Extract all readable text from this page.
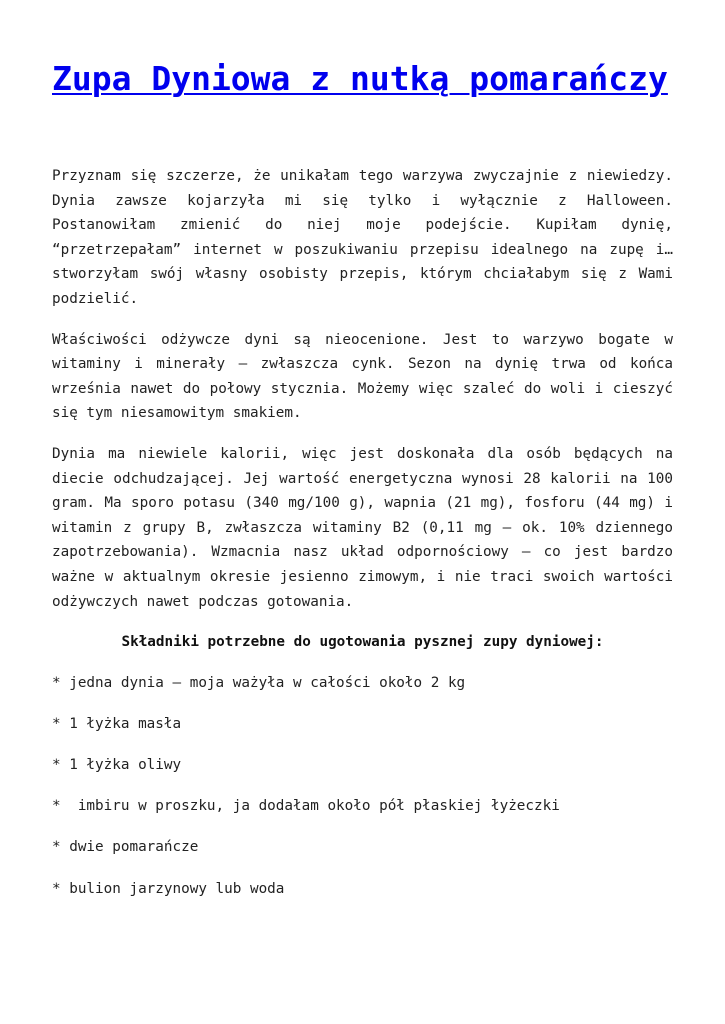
Zupa Dyniowa z nutką pomarańczy

Przyznam się szczerze, że unikałam tego warzywa zwyczajnie z niewiedzy. Dynia zawsze kojarzyła mi się tylko i wyłącznie z Halloween. Postanowiłam zmienić do niej moje podejście. Kupiłam dynię, “przetrzepałam” internet w poszukiwaniu przepisu idealnego na zupę i…stworzyłam swój własny osobisty przepis, którym chciałabym się z Wami podzielić.

Właściwości odżywcze dyni są nieocenione. Jest to warzywo bogate w witaminy i minerały – zwłaszcza cynk. Sezon na dynię trwa od końca września nawet do połowy stycznia. Możemy więc szaleć do woli i cieszyć się tym niesamowitym smakiem.

Dynia ma niewiele kalorii, więc jest doskonała dla osób będących na diecie odchudzającej. Jej wartość energetyczna wynosi 28 kalorii na 100 gram. Ma sporo potasu (340 mg/100 g), wapnia (21 mg), fosforu (44 mg) i witamin z grupy B, zwłaszcza witaminy B2 (0,11 mg – ok. 10% dziennego zapotrzebowania). Wzmacnia nasz układ odpornościowy – co jest bardzo ważne w aktualnym okresie jesienno zimowym, i nie traci swoich wartości odżywczych nawet podczas gotowania.

Składniki potrzebne do ugotowania pysznej zupy dyniowej:

* jedna dynia – moja ważyła w całości około 2 kg
* 1 łyżka masła
* 1 łyżka oliwy
*  imbiru w proszku, ja dodałam około pół płaskiej łyżeczki
* dwie pomarańcze
* bulion jarzynowy lub woda
